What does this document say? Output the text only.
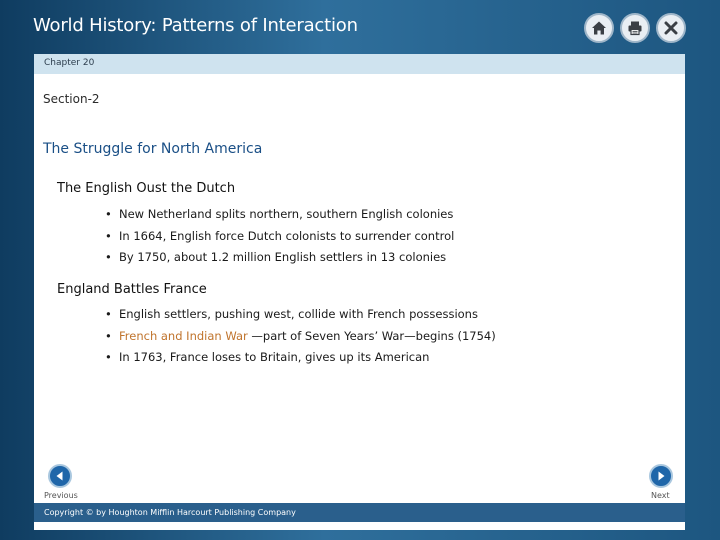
World History: Patterns of Interaction
Chapter 20
Section-2
The Struggle for North America
The English Oust the Dutch
• New Netherland splits northern, southern English colonies
• In 1664, English force Dutch colonists to surrender control
• By 1750, about 1.2 million English settlers in 13 colonies
England Battles France
• English settlers, pushing west, collide with French possessions
• French and Indian War —part of Seven Years’ War—begins (1754)
• In 1763, France loses to Britain, gives up its American
Previous	Next
Copyright © by Houghton Mifflin Harcourt Publishing Company
